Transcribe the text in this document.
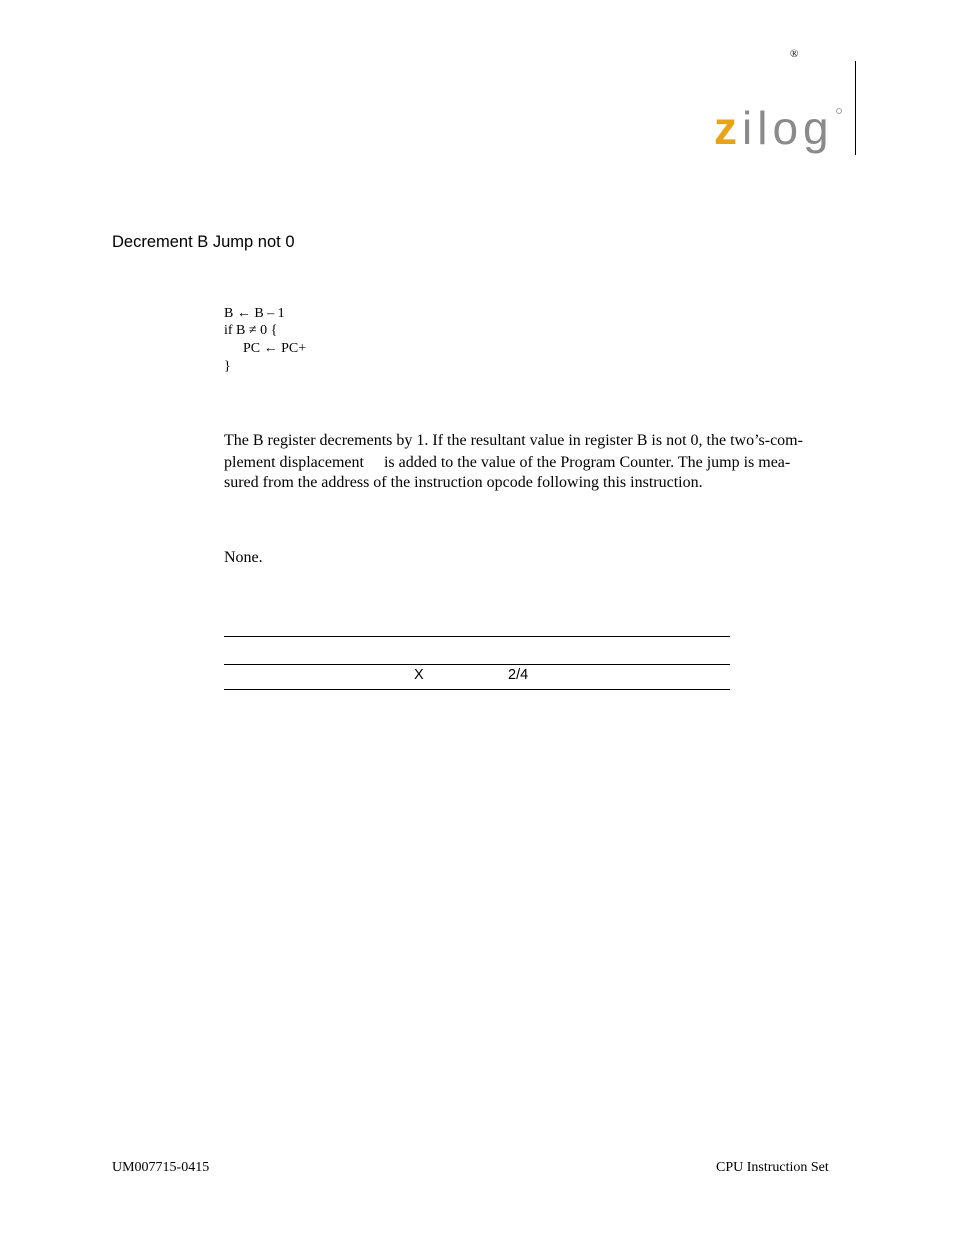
®
zilog
Decrement B Jump not 0
B ← B – 1
if B ≠ 0 {
PC ← PC+
}
The B register decrements by 1. If the resultant value in register B is not 0, the two’s-com-
plement displacement     is added to the value of the Program Counter. The jump is mea-
sured from the address of the instruction opcode following this instruction.
None.
X	2/4
UM007715-0415	CPU Instruction Set
